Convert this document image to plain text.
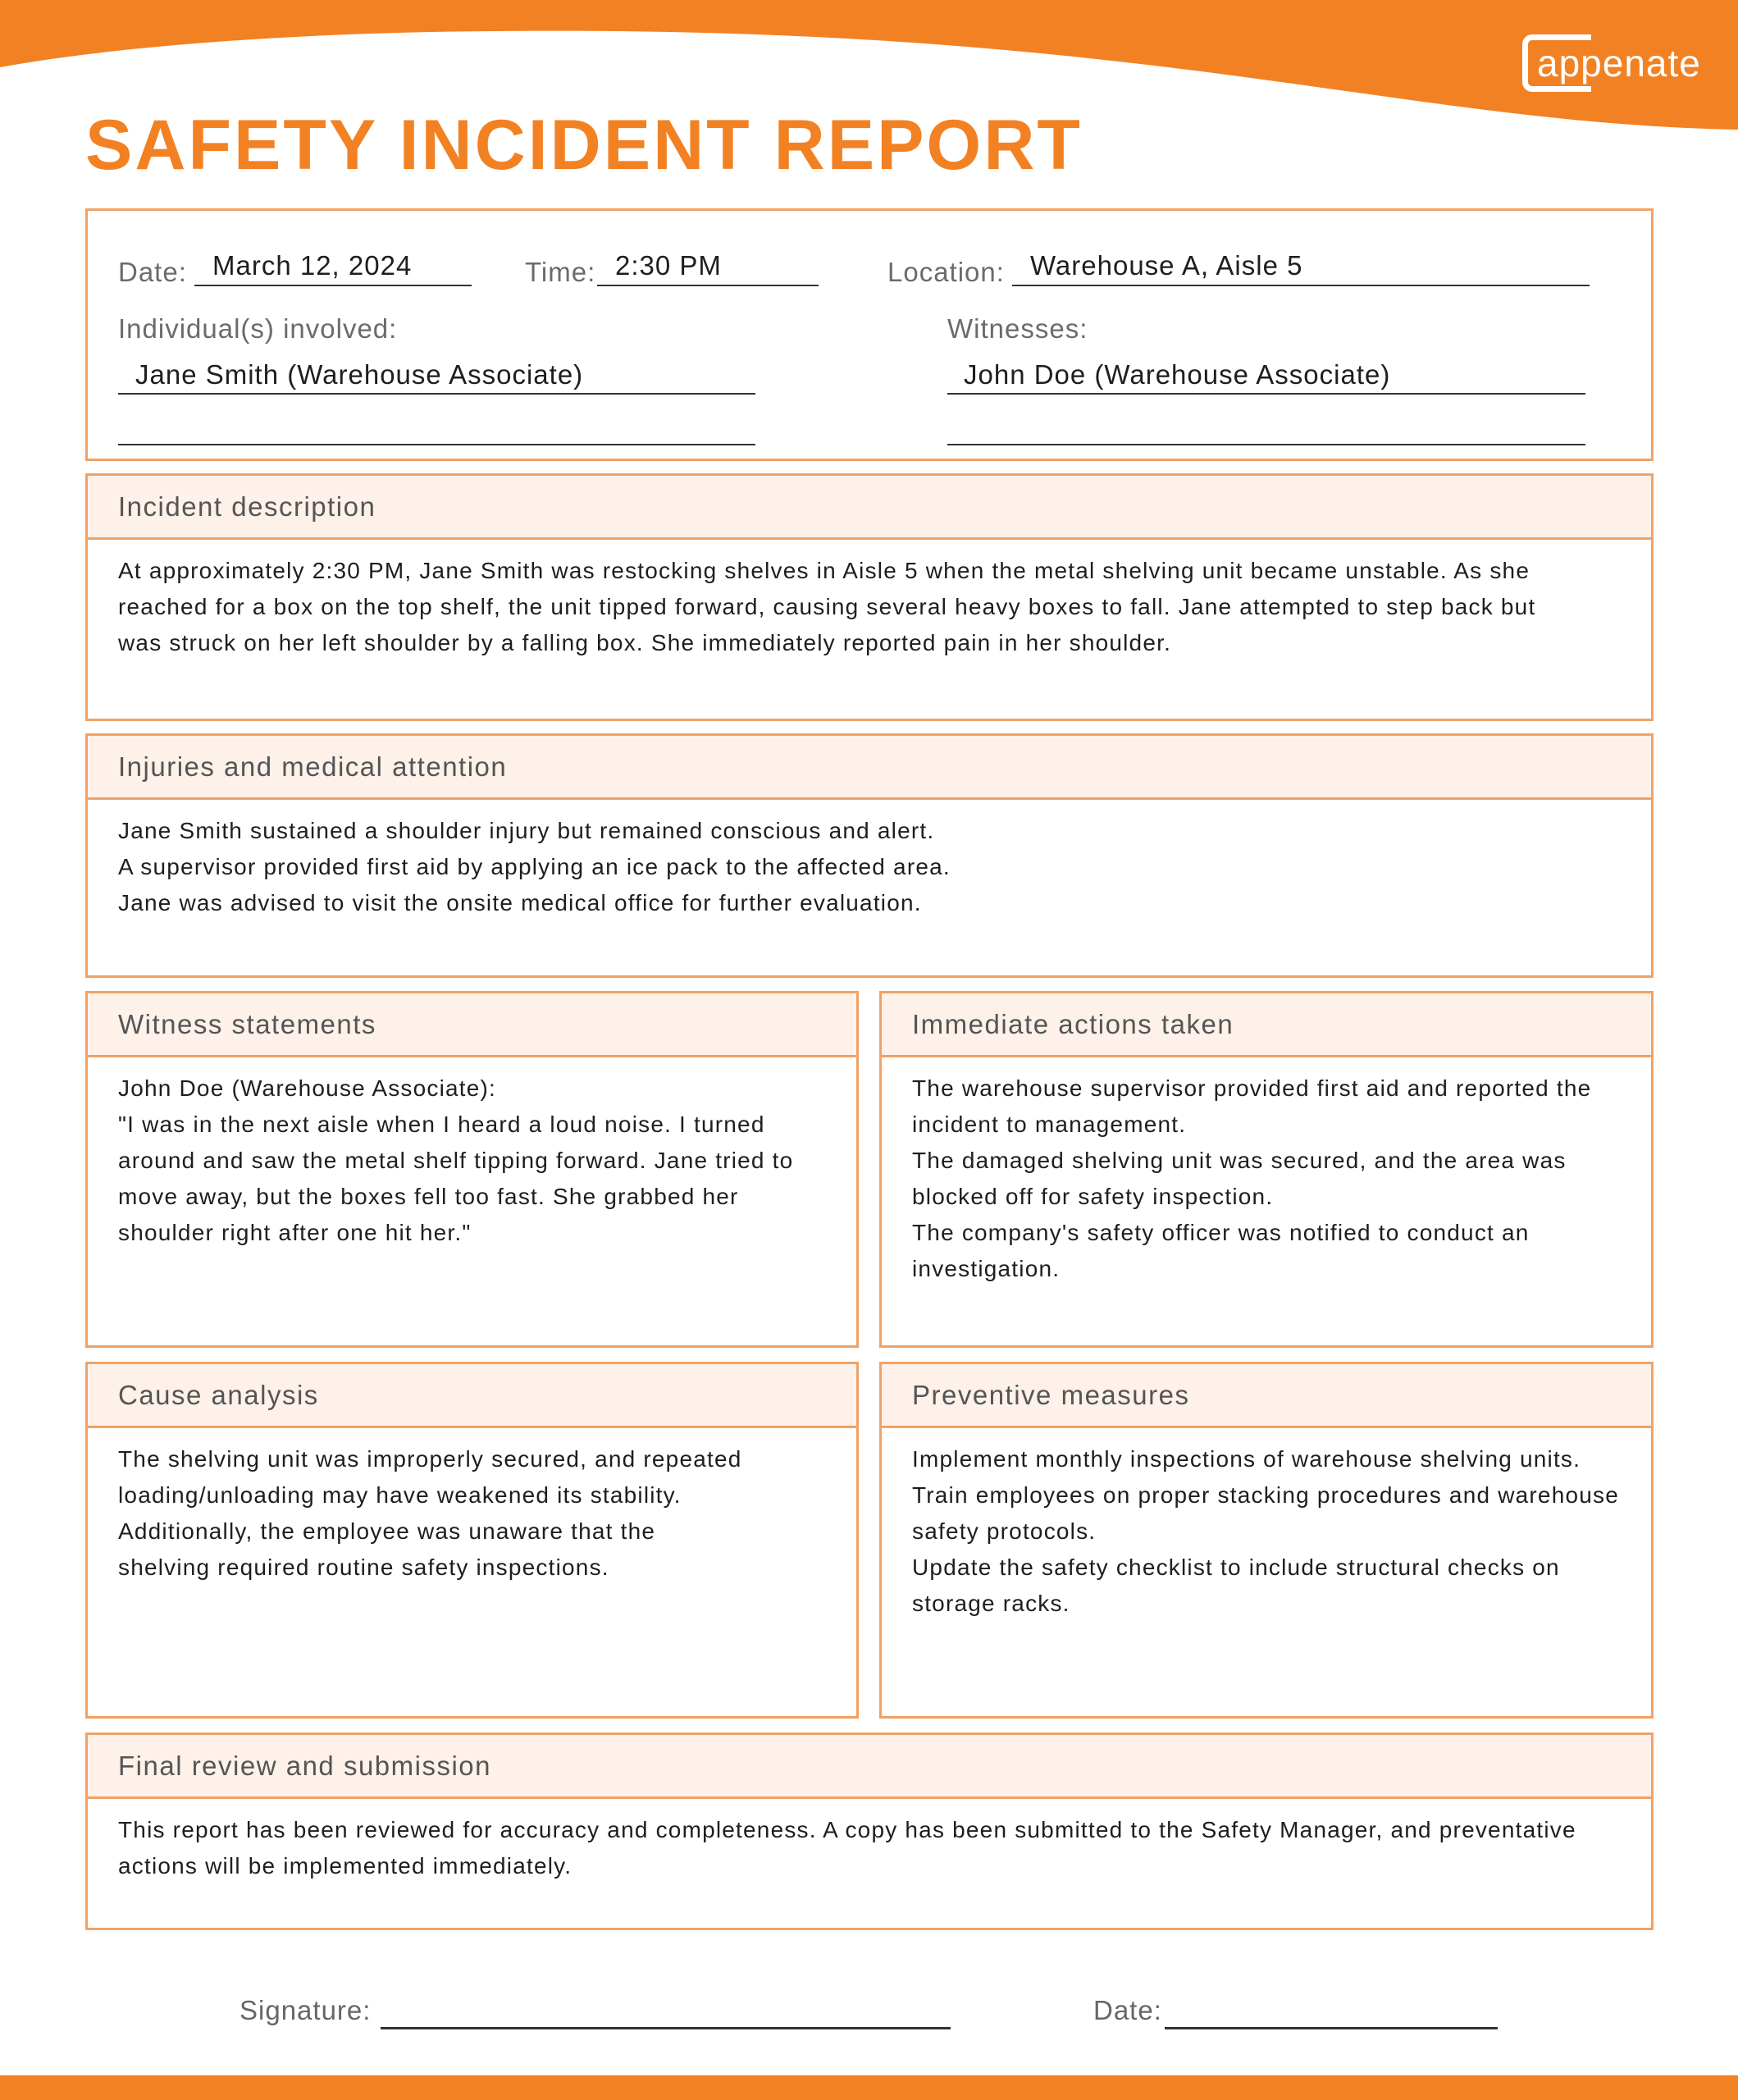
appenate
SAFETY INCIDENT REPORT
Date: March 12, 2024	Time: 2:30 PM	Location: Warehouse A, Aisle 5
Individual(s) involved:
Jane Smith (Warehouse Associate)
Witnesses:
John Doe (Warehouse Associate)
Incident description

At approximately 2:30 PM, Jane Smith was restocking shelves in Aisle 5 when the metal shelving unit became unstable. As she

reached for a box on the top shelf, the unit tipped forward, causing several heavy boxes to fall. Jane attempted to step back but

was struck on her left shoulder by a falling box. She immediately reported pain in her shoulder.

Injuries and medical attention

Jane Smith sustained a shoulder injury but remained conscious and alert.

A supervisor provided first aid by applying an ice pack to the affected area.

Jane was advised to visit the onsite medical office for further evaluation.

Witness statements

John Doe (Warehouse Associate):

"I was in the next aisle when I heard a loud noise. I turned

around and saw the metal shelf tipping forward. Jane tried to

move away, but the boxes fell too fast. She grabbed her

shoulder right after one hit her."

Immediate actions taken

The warehouse supervisor provided first aid and reported the

incident to management.

The damaged shelving unit was secured, and the area was

blocked off for safety inspection.

The company's safety officer was notified to conduct an

investigation.

Cause analysis

The shelving unit was improperly secured, and repeated

loading/unloading may have weakened its stability.

Additionally, the employee was unaware that the

shelving required routine safety inspections.

Preventive measures

Implement monthly inspections of warehouse shelving units.

Train employees on proper stacking procedures and warehouse

safety protocols.

Update the safety checklist to include structural checks on

storage racks.

Final review and submission

This report has been reviewed for accuracy and completeness. A copy has been submitted to the Safety Manager, and preventative

actions will be implemented immediately.

Signature:	Date:
